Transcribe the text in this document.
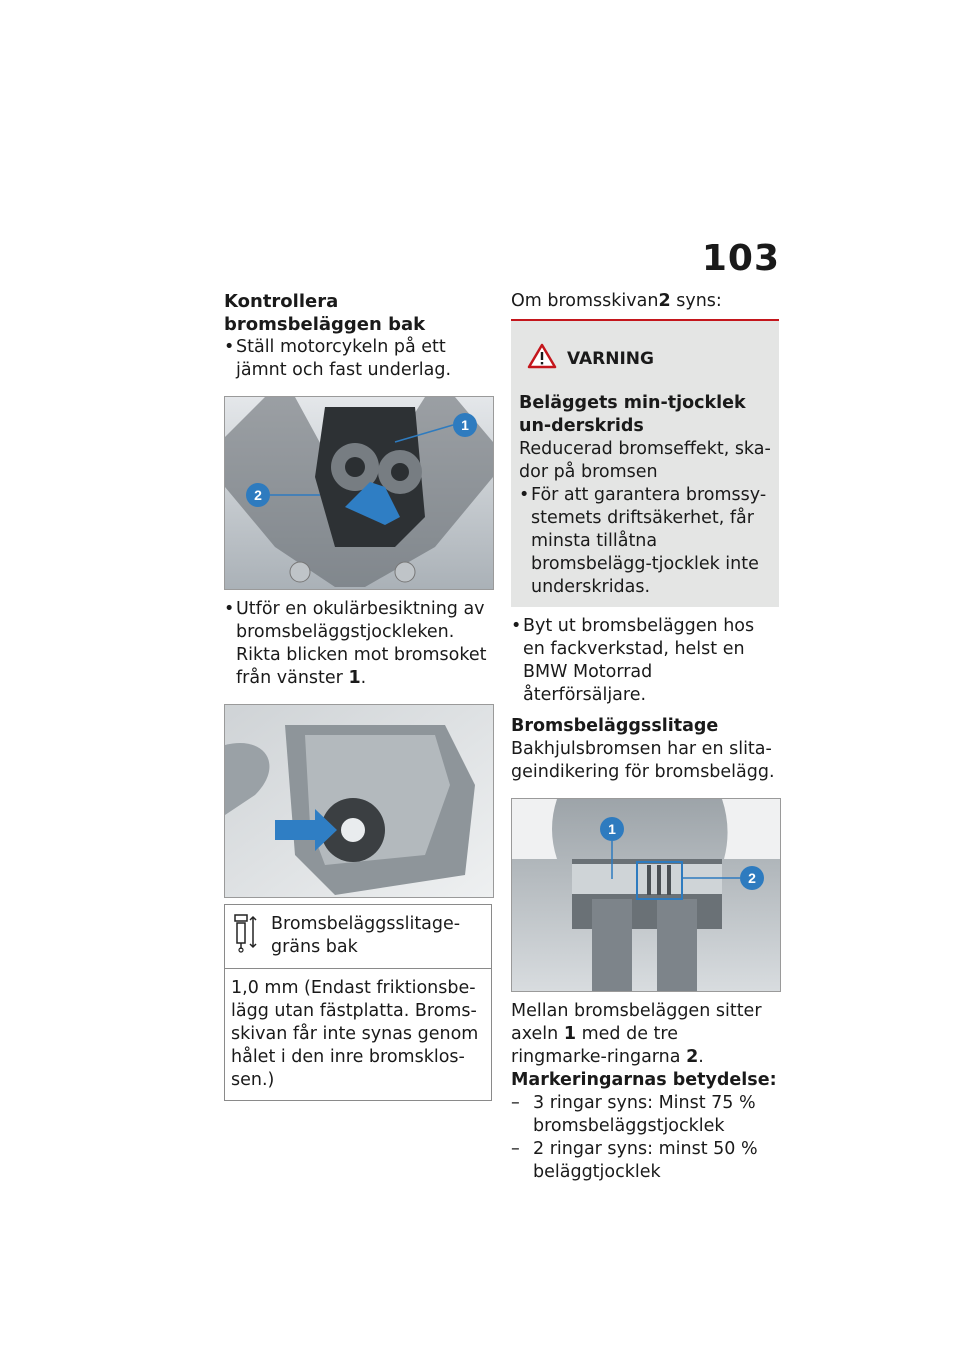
103

Kontrollera bromsbeläggen bak

• Ställ motorcykeln på ett jämnt och fast underlag.

1
2

• Utför en okulärbesiktning av bromsbeläggstjockleken. Rikta blicken mot bromsoket från vänster 1.

Bromsbeläggsslitage-gräns bak
1,0 mm (Endast friktionsbe-lägg utan fästplatta. Broms-skivan får inte synas genom hålet i den inre bromsklos-sen.)

Om bromsskivan2 syns:

VARNING

Beläggets min-tjocklek un-derskrids

Reducerad bromseffekt, ska-dor på bromsen

• För att garantera bromssy-stemets driftsäkerhet, får minsta tillåtna bromsbelägg-tjocklek inte underskridas.

• Byt ut bromsbeläggen hos en fackverkstad, helst en BMW Motorrad återförsäljare.

Bromsbeläggsslitage

Bakhjulsbromsen har en slita-geindikering för bromsbelägg.

1
2

Mellan bromsbeläggen sitter axeln 1 med de tre ringmarke-ringarna 2.

Markeringarnas betydelse:

– 3 ringar syns: Minst 75 % bromsbeläggstjocklek

– 2 ringar syns: minst 50 % beläggtjocklek
